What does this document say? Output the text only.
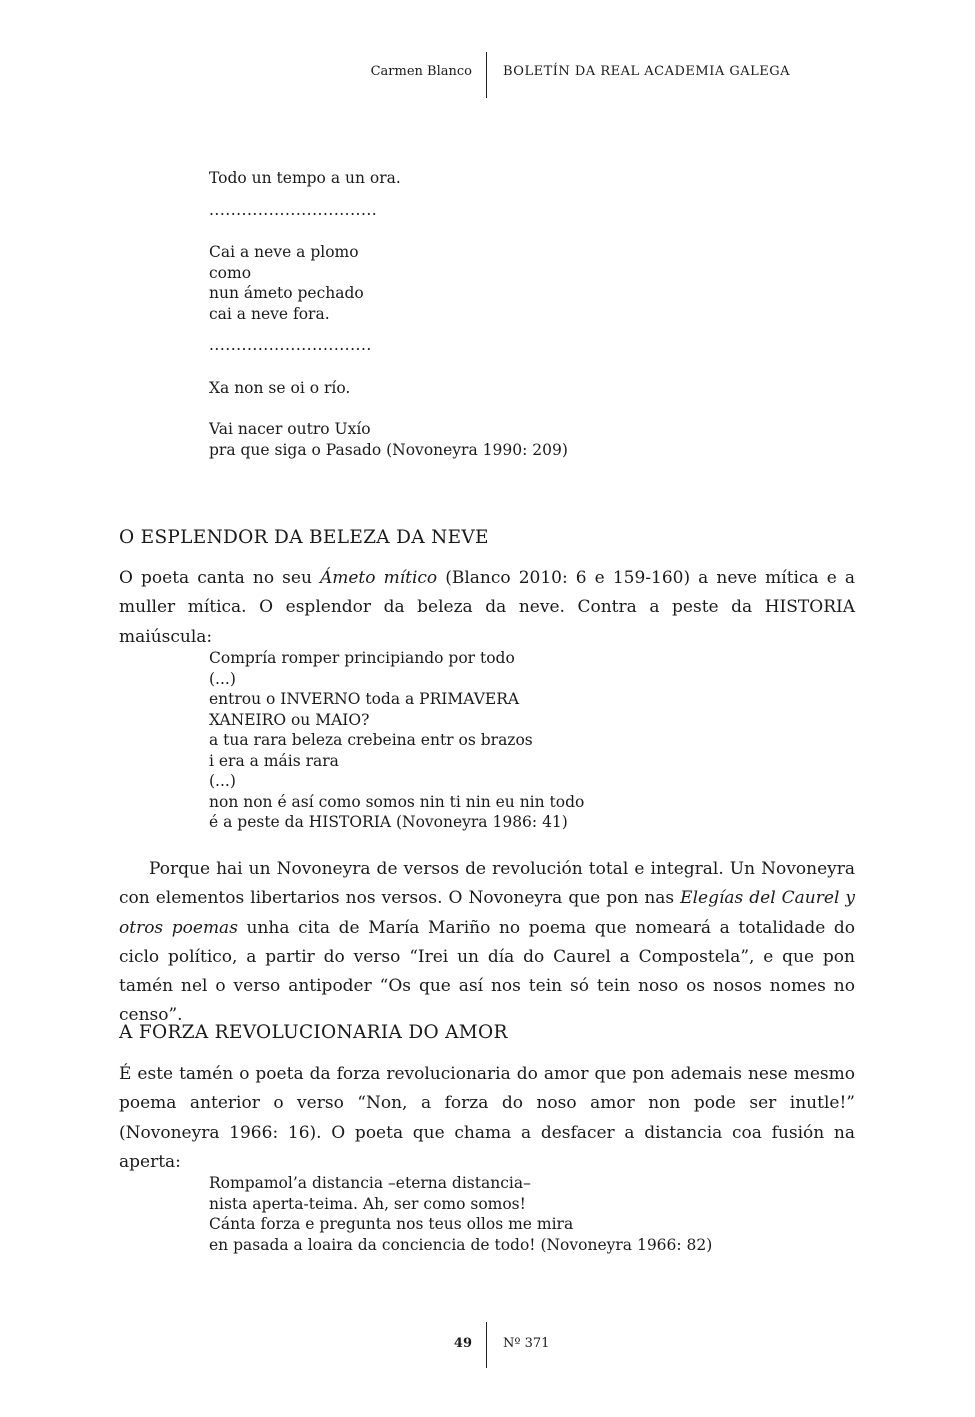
Carmen Blanco BOLETÍN DA REAL ACADEMIA GALEGA
Todo un tempo a un ora.
...............................
Cai a neve a plomo
como
nun ámeto pechado
cai a neve fora.
..............................
Xa non se oi o río.
Vai nacer outro Uxío
pra que siga o Pasado (Novoneyra 1990: 209)
O ESPLENDOR DA BELEZA DA NEVE
O poeta canta no seu Ámeto mítico (Blanco 2010: 6 e 159-160) a neve mítica e a muller mítica. O esplendor da beleza da neve. Contra a peste da HISTORIA maiúscula:
Compría romper principiando por todo
(...)
entrou o INVERNO toda a PRIMAVERA
XANEIRO ou MAIO?
a tua rara beleza crebeina entr os brazos
i era a máis rara
(...)
non non é así como somos nin ti nin eu nin todo
é a peste da HISTORIA (Novoneyra 1986: 41)
Porque hai un Novoneyra de versos de revolución total e integral. Un Novoneyra con elementos libertarios nos versos. O Novoneyra que pon nas Elegías del Caurel y otros poemas unha cita de María Mariño no poema que nomeará a totalidade do ciclo político, a partir do verso “Irei un día do Caurel a Compostela”, e que pon tamén nel o verso antipoder “Os que así nos tein só tein noso os nosos nomes no censo”.
A FORZA REVOLUCIONARIA DO AMOR
É este tamén o poeta da forza revolucionaria do amor que pon ademais nese mesmo poema anterior o verso “Non, a forza do noso amor non pode ser inutle!” (Novoneyra 1966: 16). O poeta que chama a desfacer a distancia coa fusión na aperta:
Rompamol’a distancia –eterna distancia–
nista aperta-teima. Ah, ser como somos!
Cánta forza e pregunta nos teus ollos me mira
en pasada a loaira da conciencia de todo! (Novoneyra 1966: 82)
49 Nº 371
